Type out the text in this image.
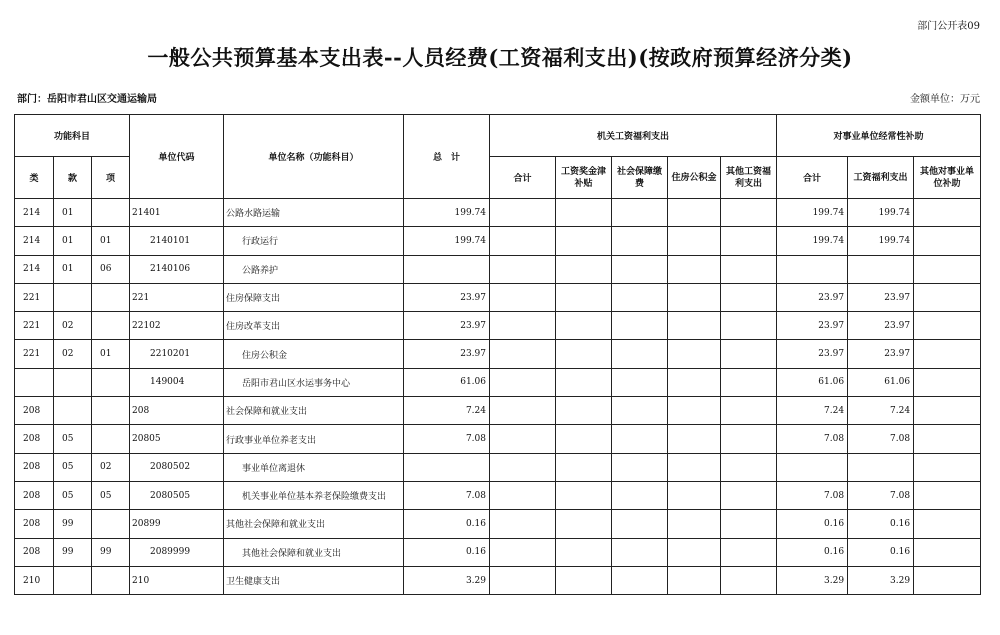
部门公开表09
一般公共预算基本支出表--人员经费(工资福利支出)(按政府预算经济分类)
部门：岳阳市君山区交通运输局	金额单位：万元
功能科目			单位代码	单位名称（功能科目）	总　计	机关工资福利支出					对事业单位经常性补助		
类	款	项				合计	工资奖金津补贴	社会保障缴费	住房公积金	其他工资福利支出	合计	工资福利支出	其他对事业单位补助
214	01		21401	公路水路运输	199.74						199.74	199.74	
214	01	01	2140101	行政运行	199.74						199.74	199.74	
214	01	06	2140106	公路养护									
221			221	住房保障支出	23.97						23.97	23.97	
221	02		22102	住房改革支出	23.97						23.97	23.97	
221	02	01	2210201	住房公积金	23.97						23.97	23.97	
			149004	岳阳市君山区水运事务中心	61.06						61.06	61.06	
208			208	社会保障和就业支出	7.24						7.24	7.24	
208	05		20805	行政事业单位养老支出	7.08						7.08	7.08	
208	05	02	2080502	事业单位离退休									
208	05	05	2080505	机关事业单位基本养老保险缴费支出	7.08						7.08	7.08	
208	99		20899	其他社会保障和就业支出	0.16						0.16	0.16	
208	99	99	2089999	其他社会保障和就业支出	0.16						0.16	0.16	
210			210	卫生健康支出	3.29						3.29	3.29	
